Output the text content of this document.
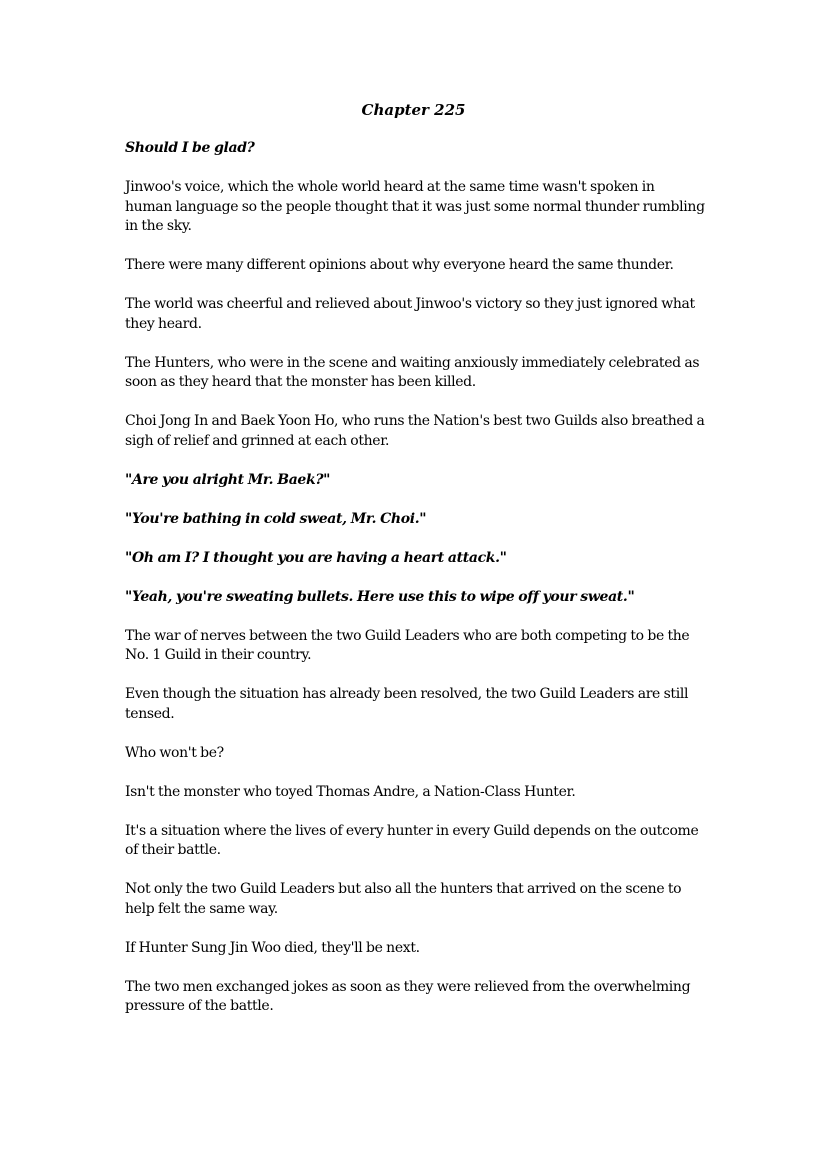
Chapter 225

Should I be glad?

Jinwoo's voice, which the whole world heard at the same time wasn't spoken in human language so the people thought that it was just some normal thunder rumbling in the sky.

There were many different opinions about why everyone heard the same thunder.

The world was cheerful and relieved about Jinwoo's victory so they just ignored what they heard.

The Hunters, who were in the scene and waiting anxiously immediately celebrated as soon as they heard that the monster has been killed.

Choi Jong In and Baek Yoon Ho, who runs the Nation's best two Guilds also breathed a sigh of relief and grinned at each other.

"Are you alright Mr. Baek?"

"You're bathing in cold sweat, Mr. Choi."

"Oh am I? I thought you are having a heart attack."

"Yeah, you're sweating bullets. Here use this to wipe off your sweat."

The war of nerves between the two Guild Leaders who are both competing to be the No. 1 Guild in their country.

Even though the situation has already been resolved, the two Guild Leaders are still tensed.

Who won't be?

Isn't the monster who toyed Thomas Andre, a Nation-Class Hunter.

It's a situation where the lives of every hunter in every Guild depends on the outcome of their battle.

Not only the two Guild Leaders but also all the hunters that arrived on the scene to help felt the same way.

If Hunter Sung Jin Woo died, they'll be next.

The two men exchanged jokes as soon as they were relieved from the overwhelming pressure of the battle.
